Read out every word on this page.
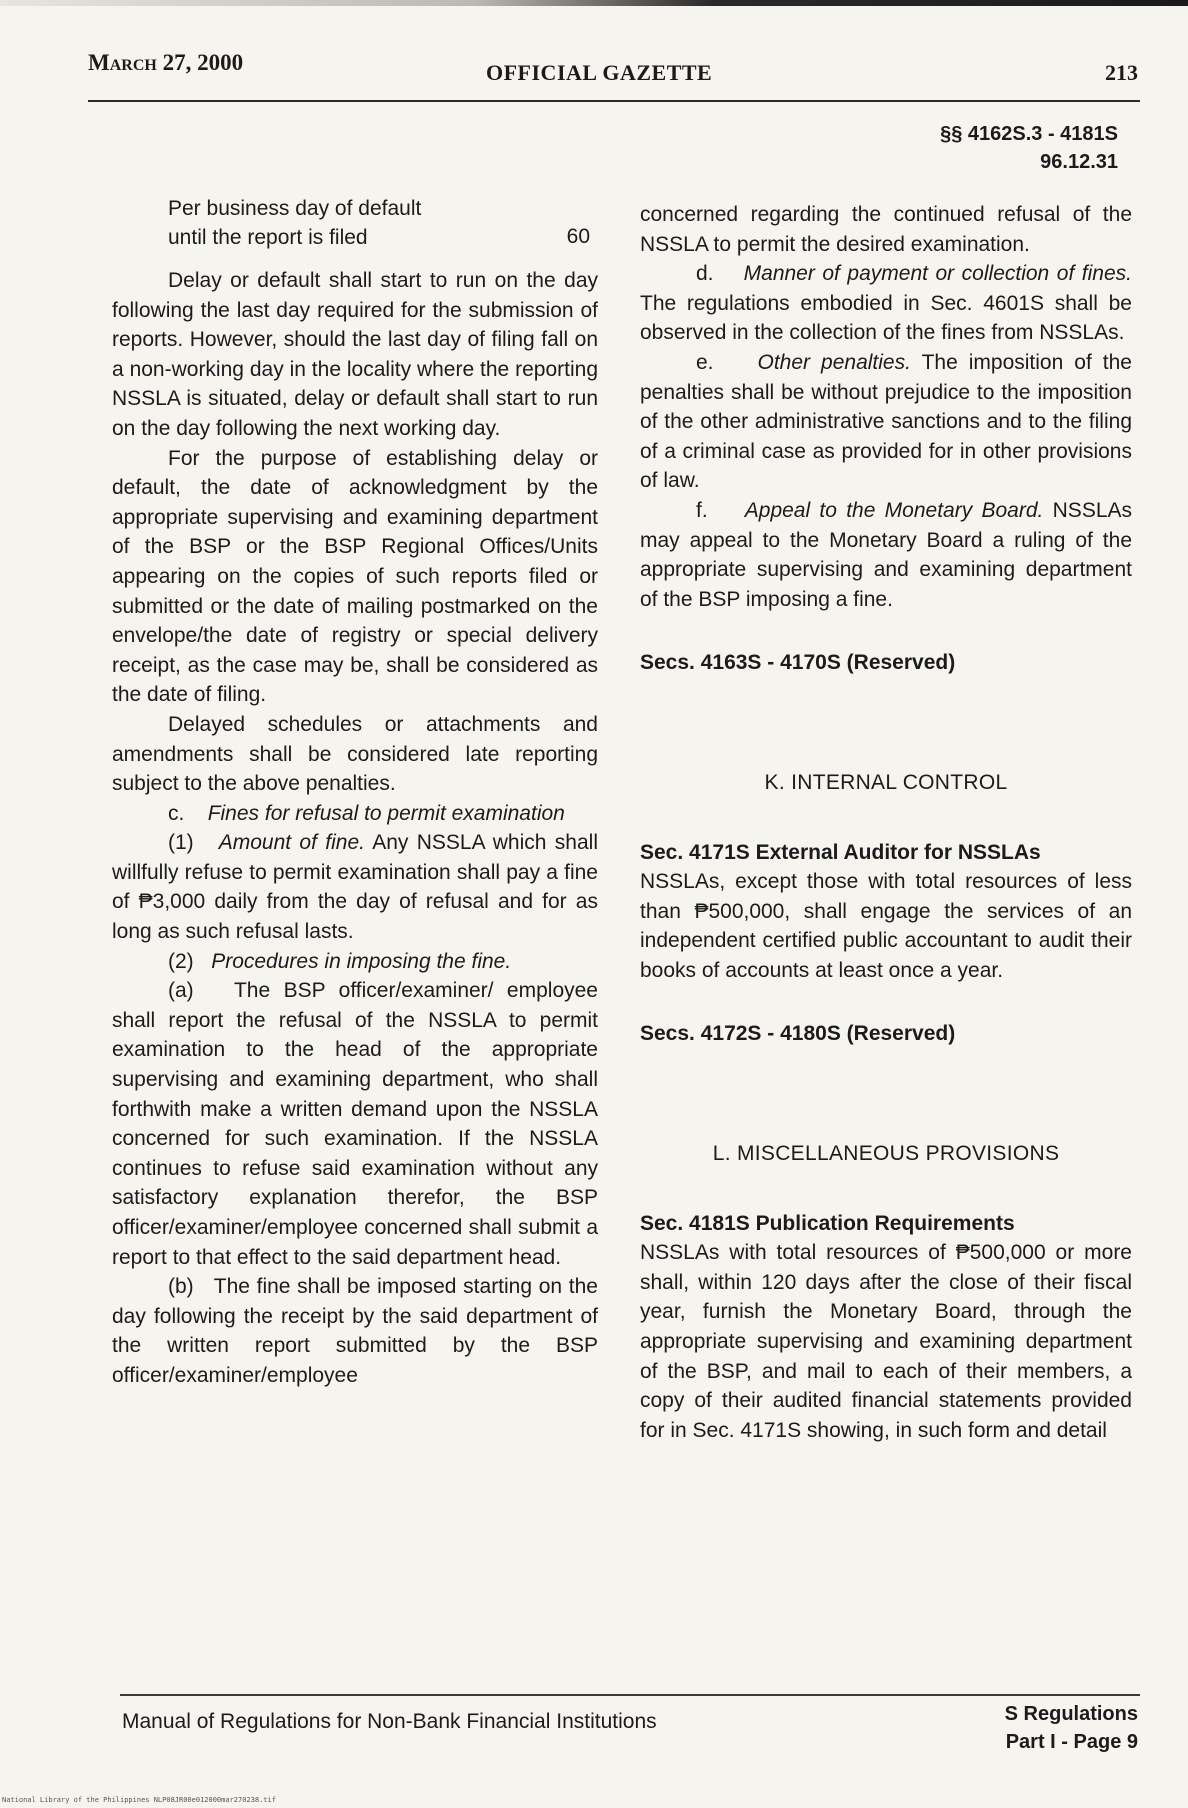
March 27, 2000	OFFICIAL GAZETTE	213
§§ 4162S.3 - 4181S
96.12.31
Per business day of default
until the report is filed	60

Delay or default shall start to run on the day following the last day required for the submission of reports. However, should the last day of filing fall on a non-working day in the locality where the reporting NSSLA is situated, delay or default shall start to run on the day following the next working day.

For the purpose of establishing delay or default, the date of acknowledgment by the appropriate supervising and examining department of the BSP or the BSP Regional Offices/Units appearing on the copies of such reports filed or submitted or the date of mailing postmarked on the envelope/the date of registry or special delivery receipt, as the case may be, shall be considered as the date of filing.

Delayed schedules or attachments and amendments shall be considered late reporting subject to the above penalties.

c. Fines for refusal to permit examination

(1) Amount of fine. Any NSSLA which shall willfully refuse to permit examination shall pay a fine of ₱3,000 daily from the day of refusal and for as long as such refusal lasts.

(2) Procedures in imposing the fine.

(a) The BSP officer/examiner/ employee shall report the refusal of the NSSLA to permit examination to the head of the appropriate supervising and examining department, who shall forthwith make a written demand upon the NSSLA concerned for such examination. If the NSSLA continues to refuse said examination without any satisfactory explanation therefor, the BSP officer/examiner/employee concerned shall submit a report to that effect to the said department head.

(b) The fine shall be imposed starting on the day following the receipt by the said department of the written report submitted by the BSP officer/examiner/employee

concerned regarding the continued refusal of the NSSLA to permit the desired examination.

d. Manner of payment or collection of fines. The regulations embodied in Sec. 4601S shall be observed in the collection of the fines from NSSLAs.

e. Other penalties. The imposition of the penalties shall be without prejudice to the imposition of the other administrative sanctions and to the filing of a criminal case as provided for in other provisions of law.

f. Appeal to the Monetary Board. NSSLAs may appeal to the Monetary Board a ruling of the appropriate supervising and examining department of the BSP imposing a fine.

Secs. 4163S - 4170S (Reserved)

K. INTERNAL CONTROL

Sec. 4171S External Auditor for NSSLAs

NSSLAs, except those with total resources of less than ₱500,000, shall engage the services of an independent certified public accountant to audit their books of accounts at least once a year.

Secs. 4172S - 4180S (Reserved)

L. MISCELLANEOUS PROVISIONS

Sec. 4181S Publication Requirements

NSSLAs with total resources of ₱500,000 or more shall, within 120 days after the close of their fiscal year, furnish the Monetary Board, through the appropriate supervising and examining department of the BSP, and mail to each of their members, a copy of their audited financial statements provided for in Sec. 4171S showing, in such form and detail

Manual of Regulations for Non-Bank Financial Institutions	S Regulations
Part I - Page 9
National Library of the Philippines NLP08JR00e012000mar270238.tif
